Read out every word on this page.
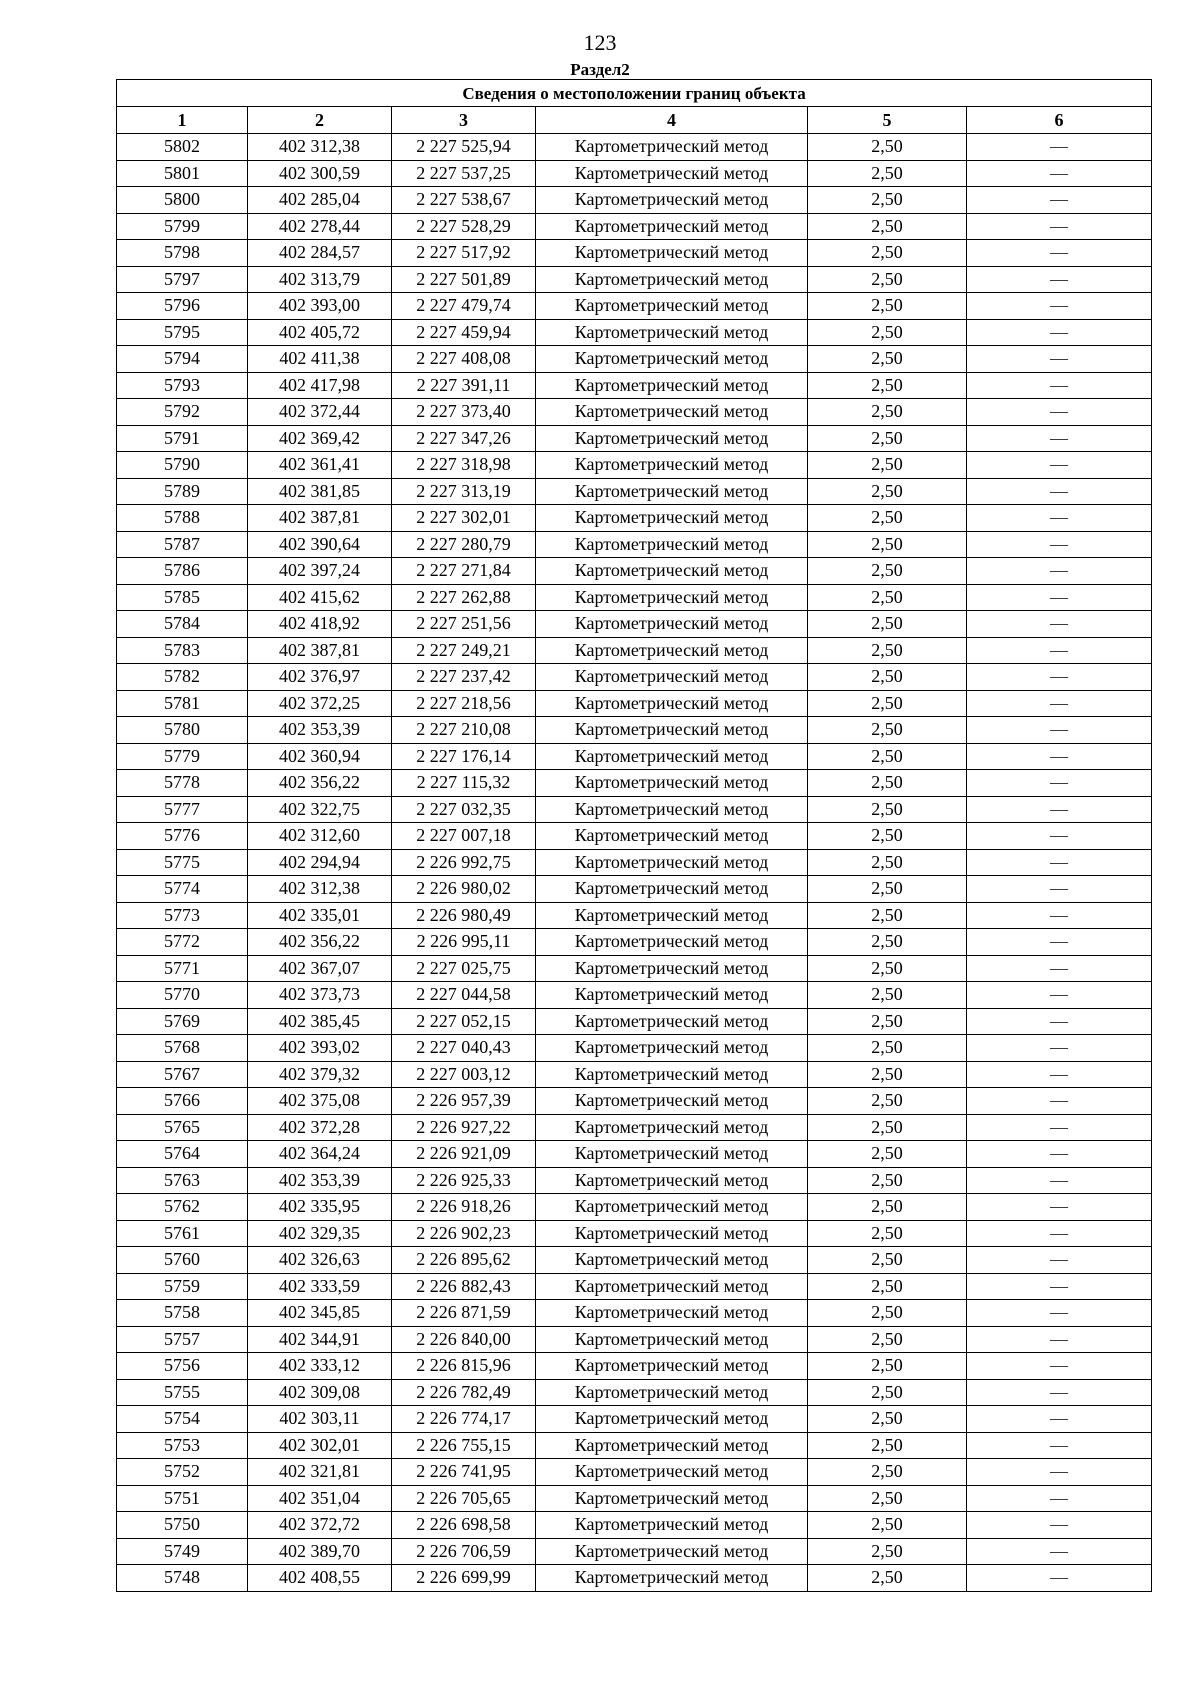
123
Раздел2
Сведения о местоположении границ объекта					
1	2	3	4	5	6
5802	402 312,38	2 227 525,94	Картометрический метод	2,50	—
5801	402 300,59	2 227 537,25	Картометрический метод	2,50	—
5800	402 285,04	2 227 538,67	Картометрический метод	2,50	—
5799	402 278,44	2 227 528,29	Картометрический метод	2,50	—
5798	402 284,57	2 227 517,92	Картометрический метод	2,50	—
5797	402 313,79	2 227 501,89	Картометрический метод	2,50	—
5796	402 393,00	2 227 479,74	Картометрический метод	2,50	—
5795	402 405,72	2 227 459,94	Картометрический метод	2,50	—
5794	402 411,38	2 227 408,08	Картометрический метод	2,50	—
5793	402 417,98	2 227 391,11	Картометрический метод	2,50	—
5792	402 372,44	2 227 373,40	Картометрический метод	2,50	—
5791	402 369,42	2 227 347,26	Картометрический метод	2,50	—
5790	402 361,41	2 227 318,98	Картометрический метод	2,50	—
5789	402 381,85	2 227 313,19	Картометрический метод	2,50	—
5788	402 387,81	2 227 302,01	Картометрический метод	2,50	—
5787	402 390,64	2 227 280,79	Картометрический метод	2,50	—
5786	402 397,24	2 227 271,84	Картометрический метод	2,50	—
5785	402 415,62	2 227 262,88	Картометрический метод	2,50	—
5784	402 418,92	2 227 251,56	Картометрический метод	2,50	—
5783	402 387,81	2 227 249,21	Картометрический метод	2,50	—
5782	402 376,97	2 227 237,42	Картометрический метод	2,50	—
5781	402 372,25	2 227 218,56	Картометрический метод	2,50	—
5780	402 353,39	2 227 210,08	Картометрический метод	2,50	—
5779	402 360,94	2 227 176,14	Картометрический метод	2,50	—
5778	402 356,22	2 227 115,32	Картометрический метод	2,50	—
5777	402 322,75	2 227 032,35	Картометрический метод	2,50	—
5776	402 312,60	2 227 007,18	Картометрический метод	2,50	—
5775	402 294,94	2 226 992,75	Картометрический метод	2,50	—
5774	402 312,38	2 226 980,02	Картометрический метод	2,50	—
5773	402 335,01	2 226 980,49	Картометрический метод	2,50	—
5772	402 356,22	2 226 995,11	Картометрический метод	2,50	—
5771	402 367,07	2 227 025,75	Картометрический метод	2,50	—
5770	402 373,73	2 227 044,58	Картометрический метод	2,50	—
5769	402 385,45	2 227 052,15	Картометрический метод	2,50	—
5768	402 393,02	2 227 040,43	Картометрический метод	2,50	—
5767	402 379,32	2 227 003,12	Картометрический метод	2,50	—
5766	402 375,08	2 226 957,39	Картометрический метод	2,50	—
5765	402 372,28	2 226 927,22	Картометрический метод	2,50	—
5764	402 364,24	2 226 921,09	Картометрический метод	2,50	—
5763	402 353,39	2 226 925,33	Картометрический метод	2,50	—
5762	402 335,95	2 226 918,26	Картометрический метод	2,50	—
5761	402 329,35	2 226 902,23	Картометрический метод	2,50	—
5760	402 326,63	2 226 895,62	Картометрический метод	2,50	—
5759	402 333,59	2 226 882,43	Картометрический метод	2,50	—
5758	402 345,85	2 226 871,59	Картометрический метод	2,50	—
5757	402 344,91	2 226 840,00	Картометрический метод	2,50	—
5756	402 333,12	2 226 815,96	Картометрический метод	2,50	—
5755	402 309,08	2 226 782,49	Картометрический метод	2,50	—
5754	402 303,11	2 226 774,17	Картометрический метод	2,50	—
5753	402 302,01	2 226 755,15	Картометрический метод	2,50	—
5752	402 321,81	2 226 741,95	Картометрический метод	2,50	—
5751	402 351,04	2 226 705,65	Картометрический метод	2,50	—
5750	402 372,72	2 226 698,58	Картометрический метод	2,50	—
5749	402 389,70	2 226 706,59	Картометрический метод	2,50	—
5748	402 408,55	2 226 699,99	Картометрический метод	2,50	—
